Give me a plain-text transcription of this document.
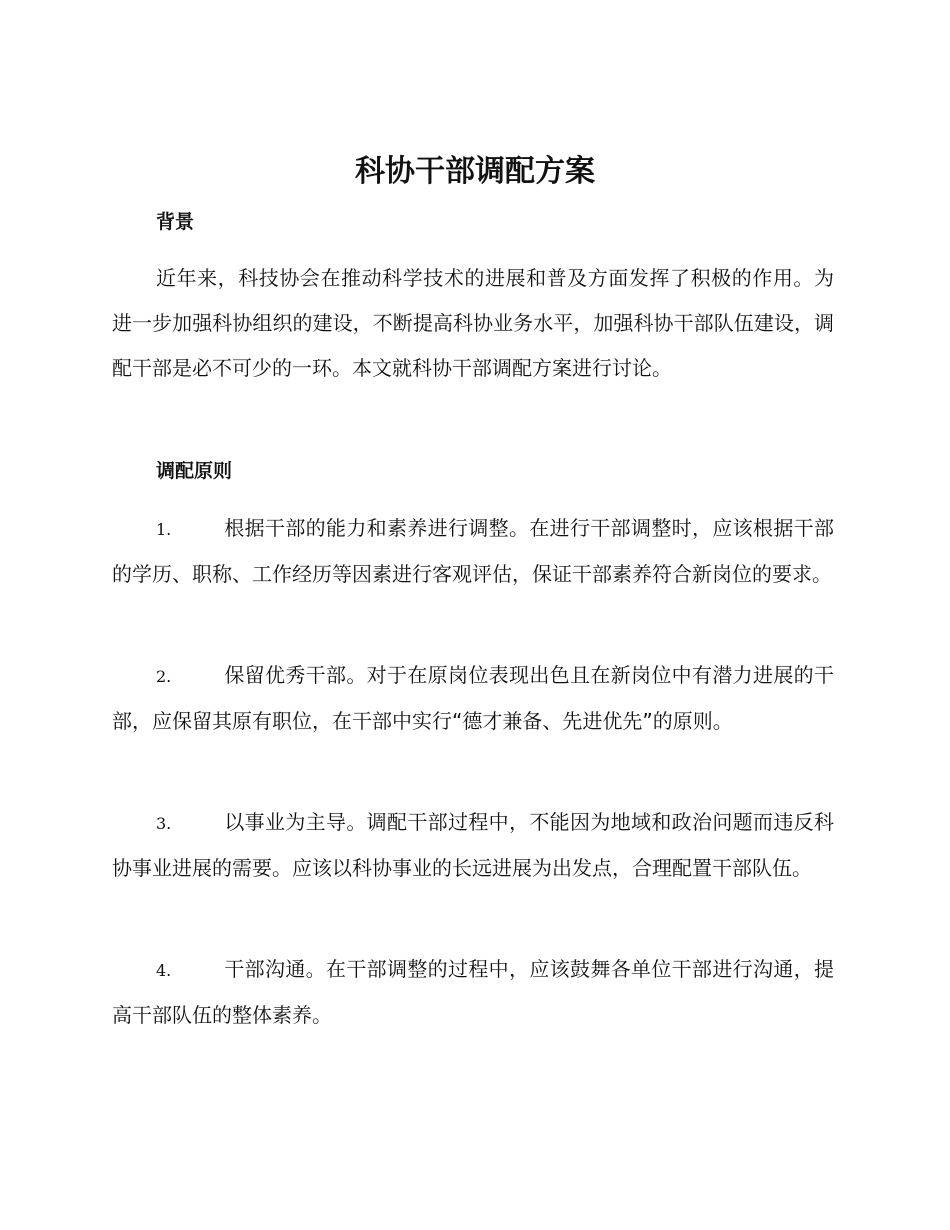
科协干部调配方案
背景
近年来，科技协会在推动科学技术的进展和普及方面发挥了积极的作用。为进一步加强科协组织的建设，不断提高科协业务水平，加强科协干部队伍建设，调配干部是必不可少的一环。本文就科协干部调配方案进行讨论。
调配原则
1.	根据干部的能力和素养进行调整。在进行干部调整时，应该根据干部的学历、职称、工作经历等因素进行客观评估，保证干部素养符合新岗位的要求。
2.	保留优秀干部。对于在原岗位表现出色且在新岗位中有潜力进展的干部，应保留其原有职位，在干部中实行“德才兼备、先进优先”的原则。
3.	以事业为主导。调配干部过程中，不能因为地域和政治问题而违反科协事业进展的需要。应该以科协事业的长远进展为出发点，合理配置干部队伍。
4.	干部沟通。在干部调整的过程中，应该鼓舞各单位干部进行沟通，提高干部队伍的整体素养。
